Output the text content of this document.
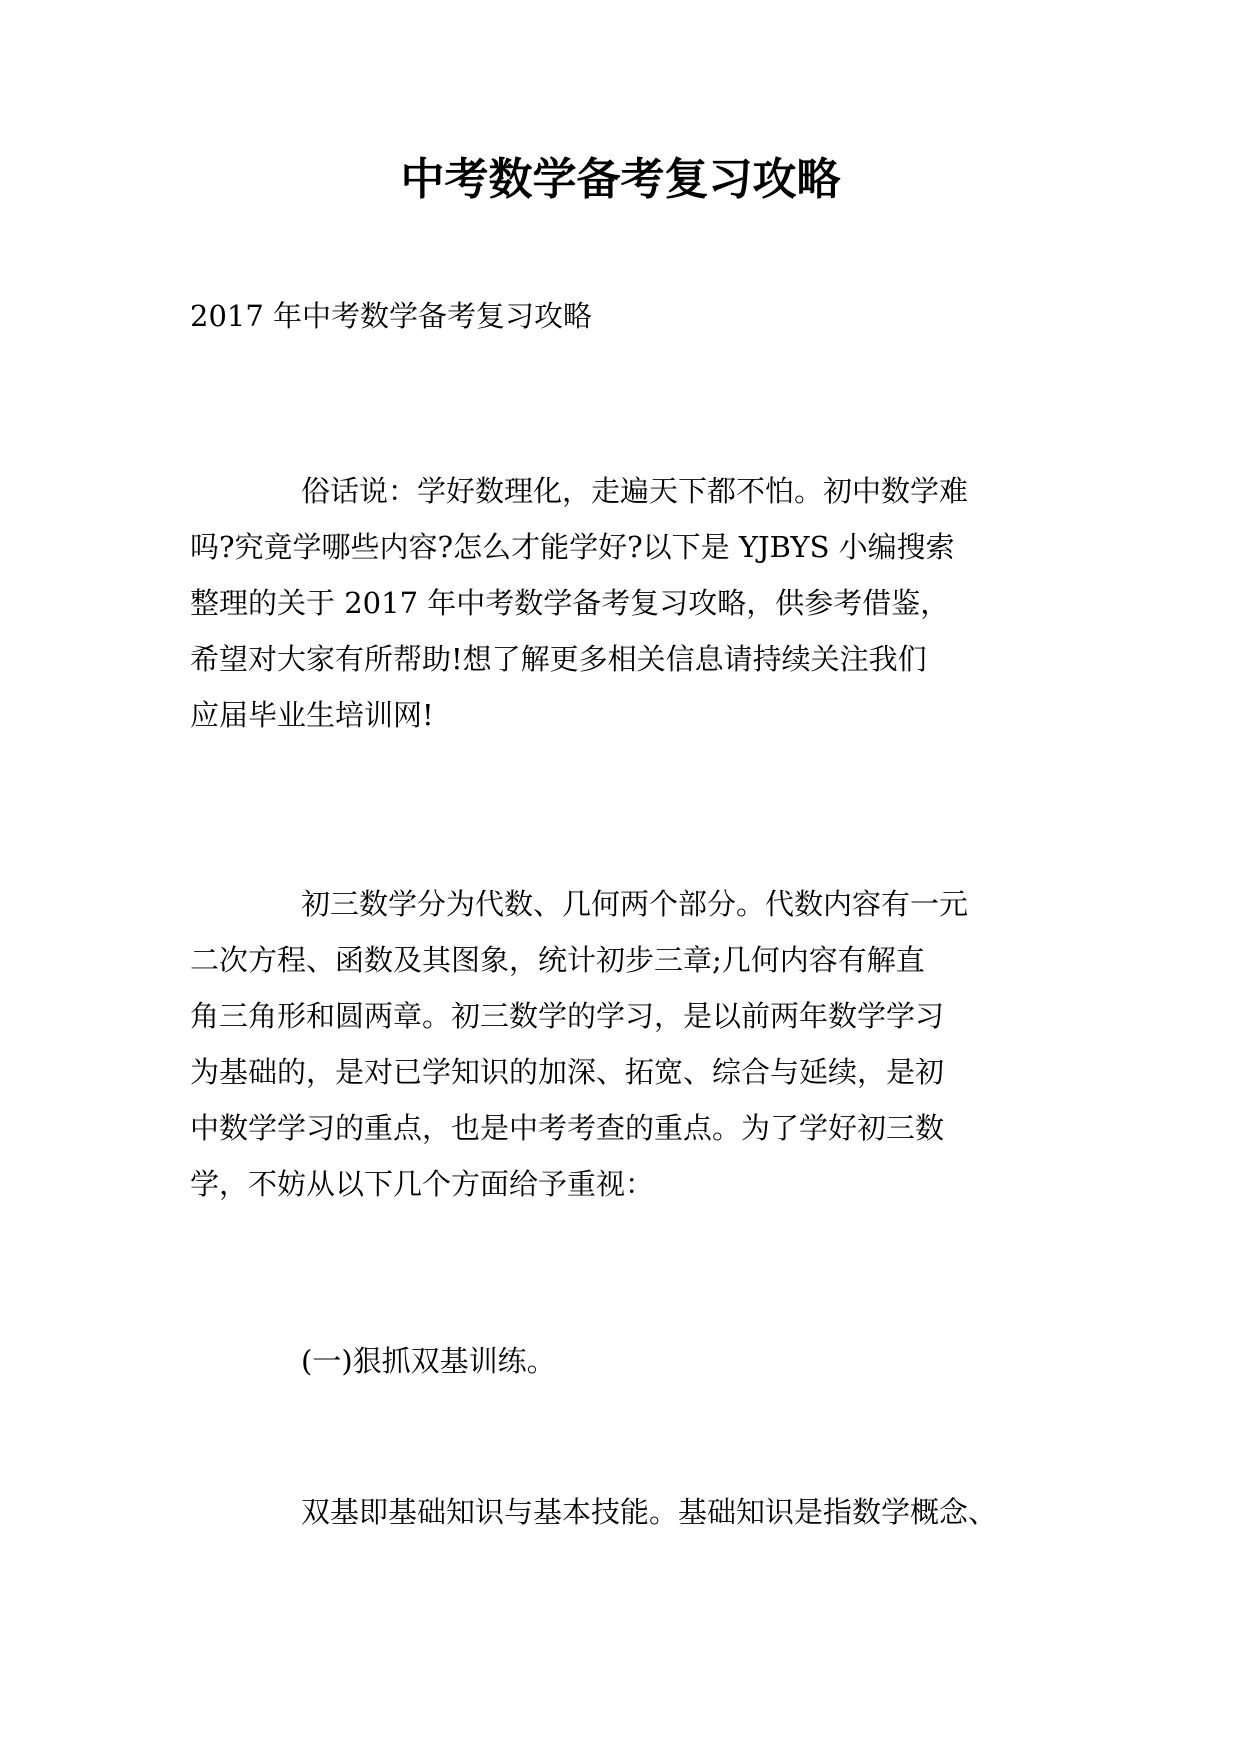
中考数学备考复习攻略

2017 年中考数学备考复习攻略

俗话说：学好数理化，走遍天下都不怕。初中数学难
吗?究竟学哪些内容?怎么才能学好?以下是 YJBYS 小编搜索
整理的关于 2017 年中考数学备考复习攻略，供参考借鉴，
希望对大家有所帮助!想了解更多相关信息请持续关注我们
应届毕业生培训网!
初三数学分为代数、几何两个部分。代数内容有一元
二次方程、函数及其图象，统计初步三章;几何内容有解直
角三角形和圆两章。初三数学的学习，是以前两年数学学习
为基础的，是对已学知识的加深、拓宽、综合与延续，是初
中数学学习的重点，也是中考考查的重点。为了学好初三数
学，不妨从以下几个方面给予重视：
(一)狠抓双基训练。
双基即基础知识与基本技能。基础知识是指数学概念、
